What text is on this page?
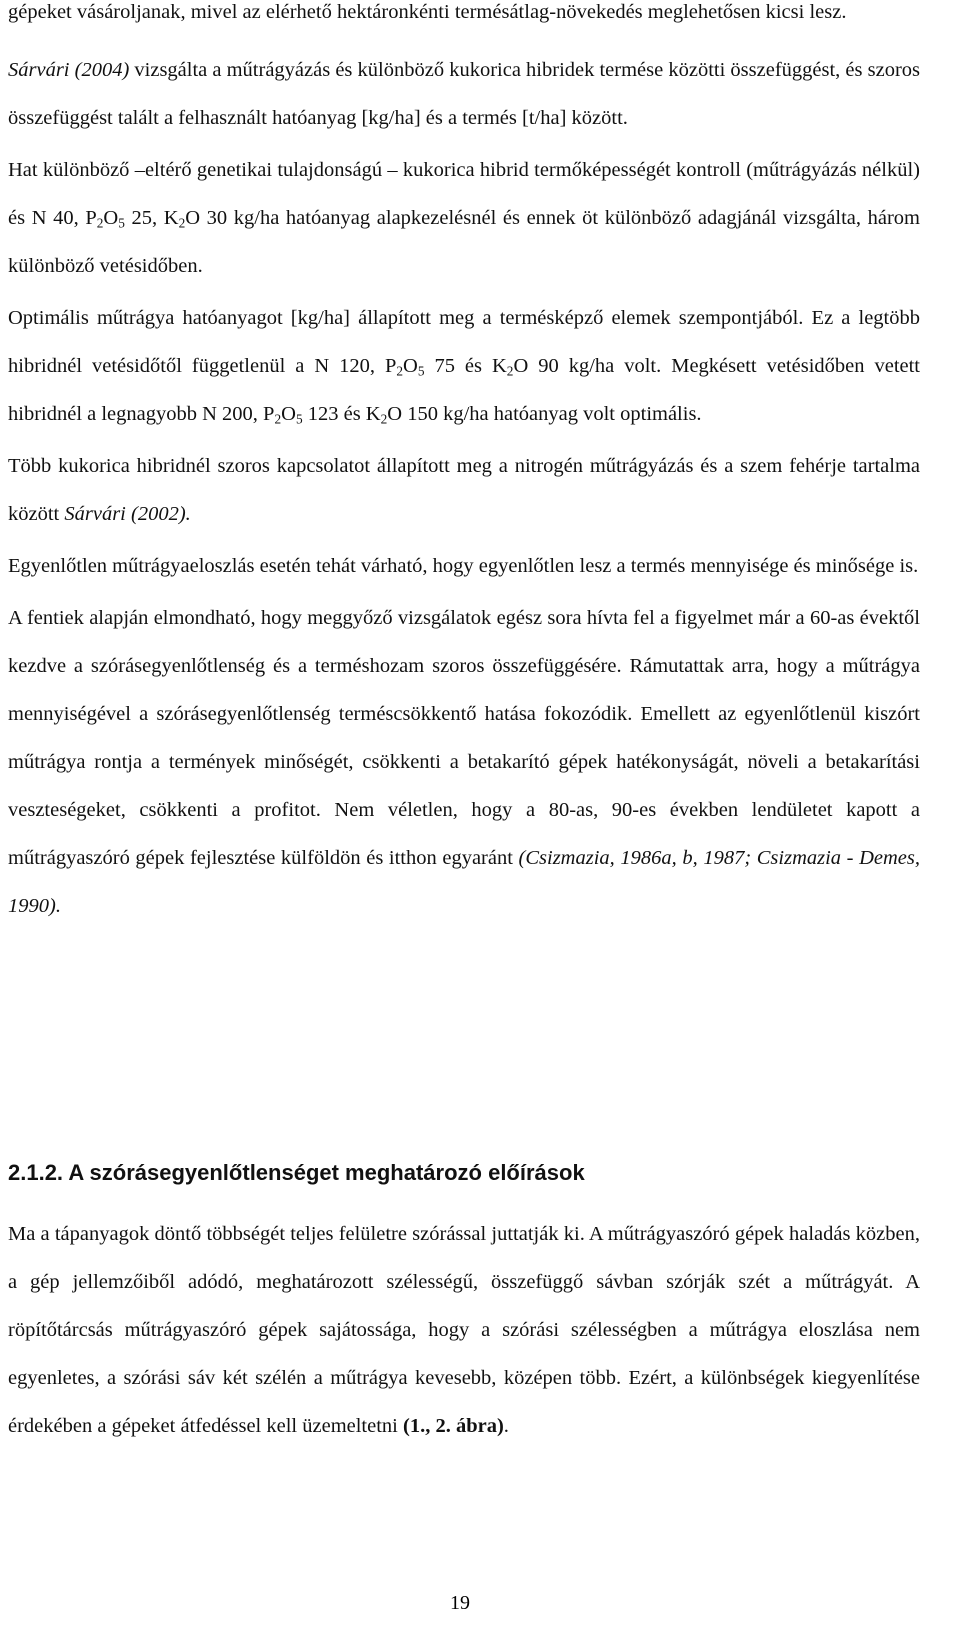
gépeket vásároljanak, mivel az elérhető hektáronkénti termésátlag-növekedés meglehetősen kicsi lesz.

Sárvári (2004) vizsgálta a műtrágyázás és különböző kukorica hibridek termése közötti összefüggést, és szoros összefüggést talált a felhasznált hatóanyag [kg/ha] és a termés [t/ha] között.

Hat különböző –eltérő genetikai tulajdonságú – kukorica hibrid termőképességét kontroll (műtrágyázás nélkül) és N 40, $P_2O_5$ 25, $K_2O$ 30 kg/ha hatóanyag alapkezelésnél és ennek öt különböző adagjánál vizsgálta, három különböző vetésidőben.

Optimális műtrágya hatóanyagot [kg/ha] állapított meg a termésképző elemek szempontjából. Ez a legtöbb hibridnél vetésidőtől függetlenül a N 120, $P_2O_5$ 75 és $K_2O$ 90 kg/ha volt. Megkésett vetésidőben vetett hibridnél a legnagyobb N 200, $P_2O_5$ 123 és $K_2O$ 150 kg/ha hatóanyag volt optimális.

Több kukorica hibridnél szoros kapcsolatot állapított meg a nitrogén műtrágyázás és a szem fehérje tartalma között Sárvári (2002).

Egyenlőtlen műtrágyaeloszlás esetén tehát várható, hogy egyenlőtlen lesz a termés mennyisége és minősége is.

A fentiek alapján elmondható, hogy meggyőző vizsgálatok egész sora hívta fel a figyelmet már a 60-as évektől kezdve a szórásegyenlőtlenség és a terméshozam szoros összefüggésére. Rámutattak arra, hogy a műtrágya mennyiségével a szórásegyenlőtlenség terméscsökkentő hatása fokozódik. Emellett az egyenlőtlenül kiszórt műtrágya rontja a termények minőségét, csökkenti a betakarító gépek hatékonyságát, növeli a betakarítási veszteségeket, csökkenti a profitot. Nem véletlen, hogy a 80-as, 90-es években lendületet kapott a műtrágyaszóró gépek fejlesztése külföldön és itthon egyaránt (Csizmazia, 1986a, b, 1987; Csizmazia - Demes, 1990).

2.1.2. A szórásegyenlőtlenséget meghatározó előírások

Ma a tápanyagok döntő többségét teljes felületre szórással juttatják ki. A műtrágyaszóró gépek haladás közben, a gép jellemzőiből adódó, meghatározott szélességű, összefüggő sávban szórják szét a műtrágyát. A röpítőtárcsás műtrágyaszóró gépek sajátossága, hogy a szórási szélességben a műtrágya eloszlása nem egyenletes, a szórási sáv két szélén a műtrágya kevesebb, középen több. Ezért, a különbségek kiegyenlítése érdekében a gépeket átfedéssel kell üzemeltetni (1., 2. ábra).

19
